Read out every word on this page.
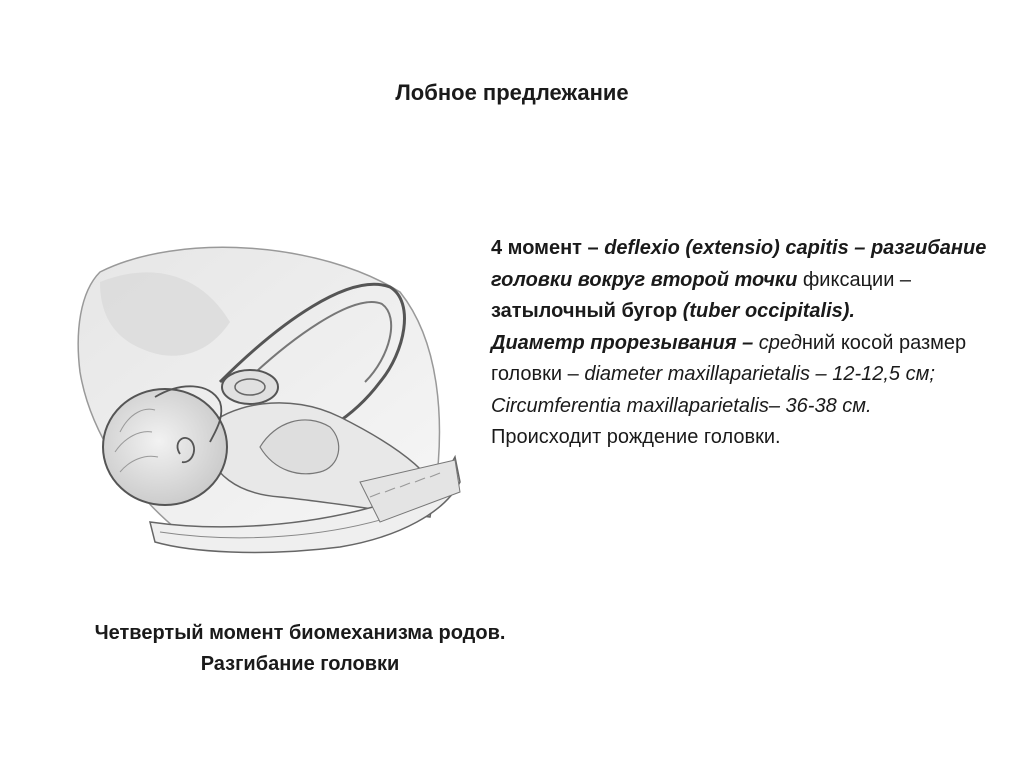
Лобное предлежание

4 момент – deflexio (extensio) capitis – разгибание головки вокруг второй точки фиксации – затылочный бугор (tuber occipitalis).

Диаметр прорезывания – средний косой размер головки – diameter maxillaparietalis – 12-12,5 см;

Circumferentia maxillaparietalis– 36-38 см.

Происходит рождение головки.

Четвертый момент биомеханизма родов.
Разгибание головки
